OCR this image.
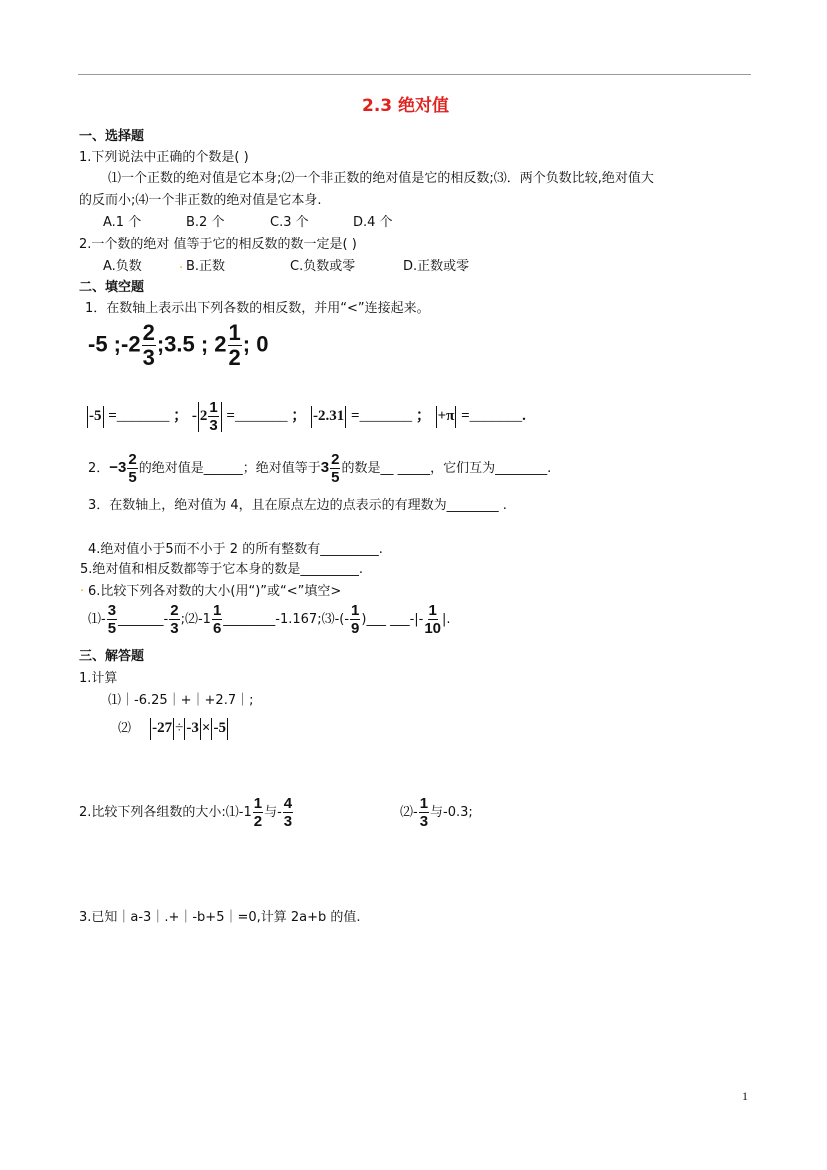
2.3 绝对值
一、选择题
1.下列说法中正确的个数是( )
⑴一个正数的绝对值是它本身;⑵一个非正数的绝对值是它的相反数;⑶．两个负数比较,绝对值大
的反而小;⑷一个非正数的绝对值是它本身.
A.1 个	B.2 个	C.3 个	D.4 个
2.一个数的绝对 值等于它的相反数的数一定是( )
A.负数	. B.正数	C.负数或零	D.正数或零
二、填空题
1．在数轴上表示出下列各数的相反数，并用“<”连接起来。
-5 ;-2 $\frac{2}{3}$ ;3.5 ; $2 \frac{1}{2}$ ; 0
-5 =_______ ； - $2 \frac{1}{3}$ =_______ ； -2.31 =_______ ； +π =_______.
2．$-3 \frac{2}{5}$ 的绝对值是______；绝对值等于$3 \frac{2}{5}$ 的数是__ _____，它们互为________.
3．在数轴上，绝对值为 4，且在原点左边的点表示的有理数为________ .
4.绝对值小于5而不小于 2 的所有整数有_________.
5.绝对值和相反数都等于它本身的数是_________.
. 6.比较下列各对数的大小(用“)”或“<”填空>
⑴- $\frac{3}{5}$ _______- $\frac{2}{3}$ ;⑵-1 $\frac{1}{6}$ ________-1.167;⑶-(- $\frac{1}{9}$ )___ ___-|- $\frac{1}{10}$ |.
三、解答题
1.计算
⑴｜-6.25｜+｜+2.7｜;
⑵ -27 ÷ -3 × -5
2.比较下列各组数的大小:⑴-1 $\frac{1}{2}$ 与- $\frac{4}{3}$	⑵- $\frac{1}{3}$ 与-0.3;
3.已知｜a-3｜.+｜-b+5｜=0,计算 2a+b 的值.
1
